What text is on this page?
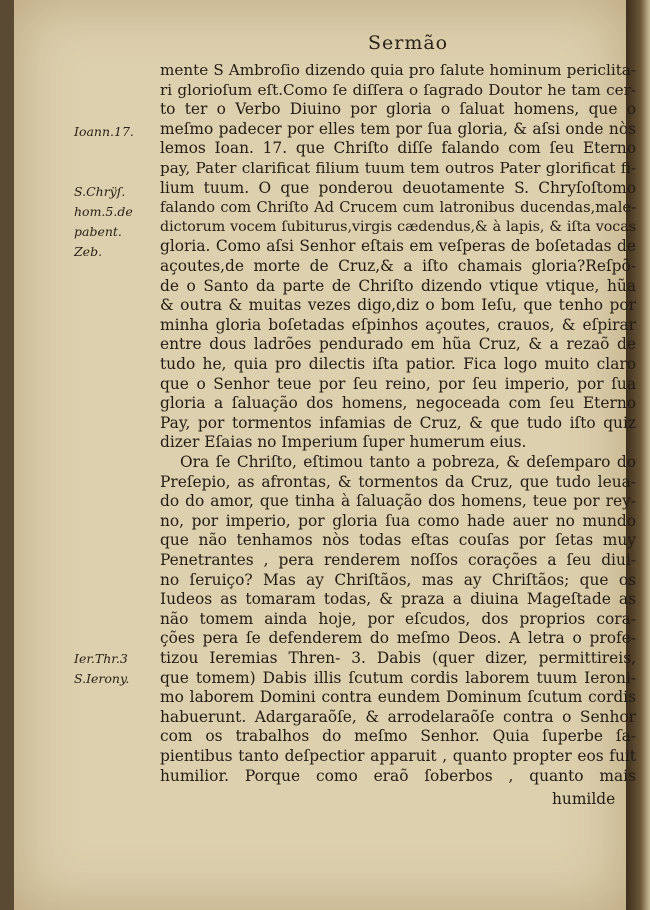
Sermão
Ioann.17.
S.Chrÿſ.
hom.5.de
pabent.
Zeb.
Ier.Thr.3
S.Ierony.
mente S Ambroſio dizendo quia pro ſalute hominum periclita-
ri glorioſum eſt.Como ſe diſſera o ſagrado Doutor he tam cer-
to ter o Verbo Diuino por gloria o ſaluat homens, que o
meſmo padecer por elles tem por ſua gloria, & aſsi onde nòs
lemos Ioan. 17. que Chriſto diſſe falando com ſeu Eterno
pay, Pater clarificat filium tuum tem outros Pater glorificat fi-
lium tuum. O que ponderou deuotamente S. Chryſoſtomo
falando com Chriſto Ad Crucem cum latronibus ducendas,male-
dictorum vocem ſubiturus,virgis cædendus,& à lapis, & iſta vocas
gloria. Como aſsi Senhor eſtais em veſperas de boſetadas de
açoutes,de morte de Cruz,& a iſto chamais gloria?Reſpõ-
de o Santo da parte de Chriſto dizendo vtique vtique, hũa
& outra & muitas vezes digo,diz o bom Ieſu, que tenho por
minha gloria boſetadas eſpinhos açoutes, crauos, & eſpirar
entre dous ladrões pendurado em hũa Cruz, & a rezaõ de
tudo he, quia pro dilectis iſta patior. Fica logo muito claro
que o Senhor teue por ſeu reino, por ſeu imperio, por ſua
gloria a ſaluação dos homens, negoceada com ſeu Eterno
Pay, por tormentos infamias de Cruz, & que tudo iſto quiz
dizer Eſaias no Imperium ſuper humerum eius.
Ora ſe Chriſto, eſtimou tanto a pobreza, & deſemparo do
Preſepio, as afrontas, & tormentos da Cruz, que tudo leua-
do do amor, que tinha à ſaluação dos homens, teue por rey-
no, por imperio, por gloria ſua como hade auer no mundo
que não tenhamos nòs todas eſtas couſas por ſetas muy
Penetrantes , pera renderem noſſos corações a ſeu diui-
no ſeruiço? Mas ay Chriſtãos, mas ay Chriſtãos; que os
Iudeos as tomaram todas, & praza a diuina Mageſtade as
não tomem ainda hoje, por eſcudos, dos proprios cora-
ções pera ſe defenderem do meſmo Deos. A letra o profe-
tizou Ieremias Thren- 3. Dabis (quer dizer, permittireis,
que tomem) Dabis illis ſcutum cordis laborem tuum Ieroni-
mo laborem Domini contra eundem Dominum ſcutum cordis
habuerunt. Adargaraõſe, & arrodelaraõſe contra o Senhor
com os trabalhos do meſmo Senhor. Quia ſuperbe ſa-
pientibus tanto deſpectior apparuit , quanto propter eos fuit
humilior. Porque como eraõ ſoberbos , quanto mais
humilde
